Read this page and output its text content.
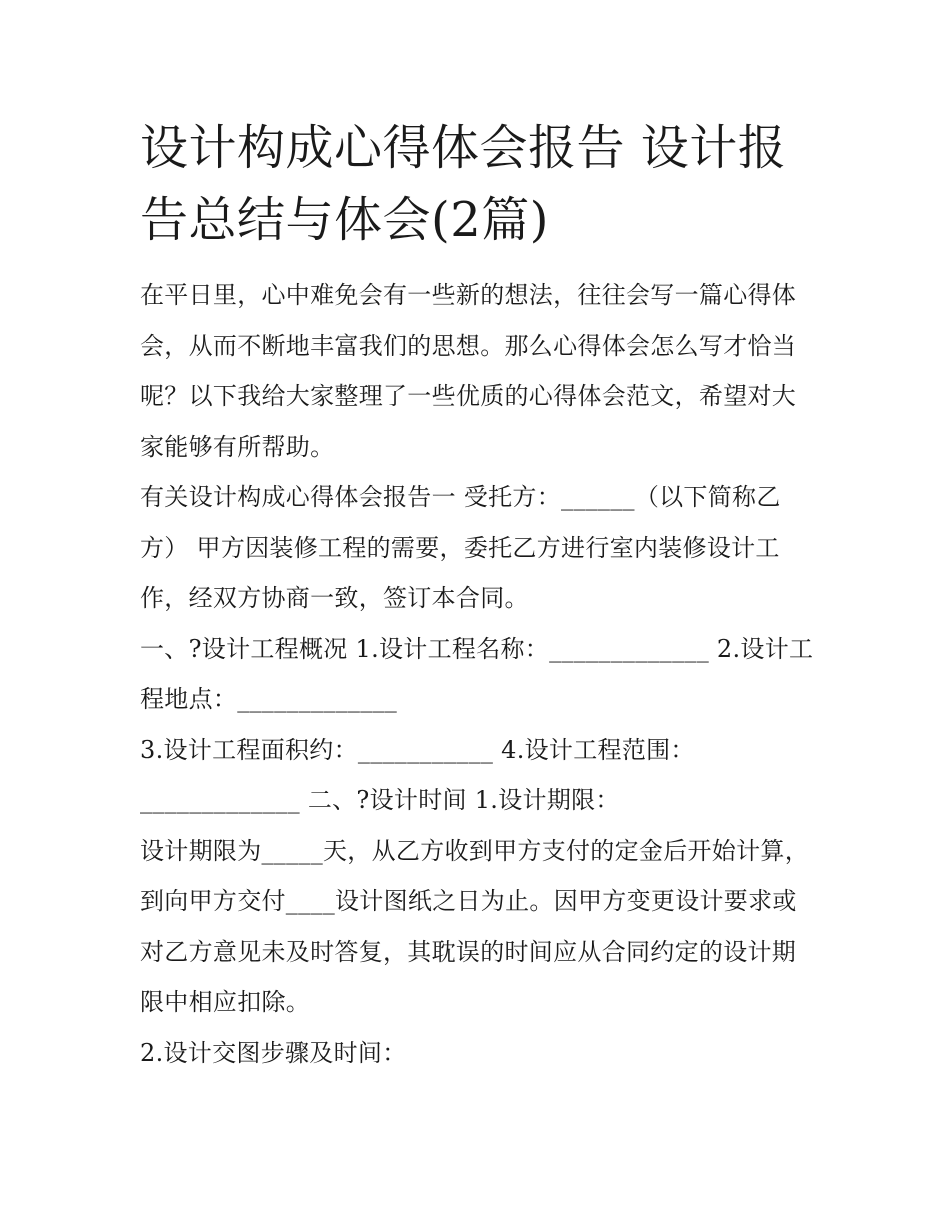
设计构成心得体会报告 设计报告总结与体会(2篇)

在平日里，心中难免会有一些新的想法，往往会写一篇心得体会，从而不断地丰富我们的思想。那么心得体会怎么写才恰当呢？以下我给大家整理了一些优质的心得体会范文，希望对大家能够有所帮助。

有关设计构成心得体会报告一 受托方：______（以下简称乙方） 甲方因装修工程的需要，委托乙方进行室内装修设计工作，经双方协商一致，签订本合同。

一、?设计工程概况 1.设计工程名称：_____________ 2.设计工程地点：_____________

3.设计工程面积约：___________ 4.设计工程范围：_____________ 二、?设计时间 1.设计期限：

设计期限为_____天，从乙方收到甲方支付的定金后开始计算，到向甲方交付____设计图纸之日为止。因甲方变更设计要求或对乙方意见未及时答复，其耽误的时间应从合同约定的设计期限中相应扣除。

2.设计交图步骤及时间：
